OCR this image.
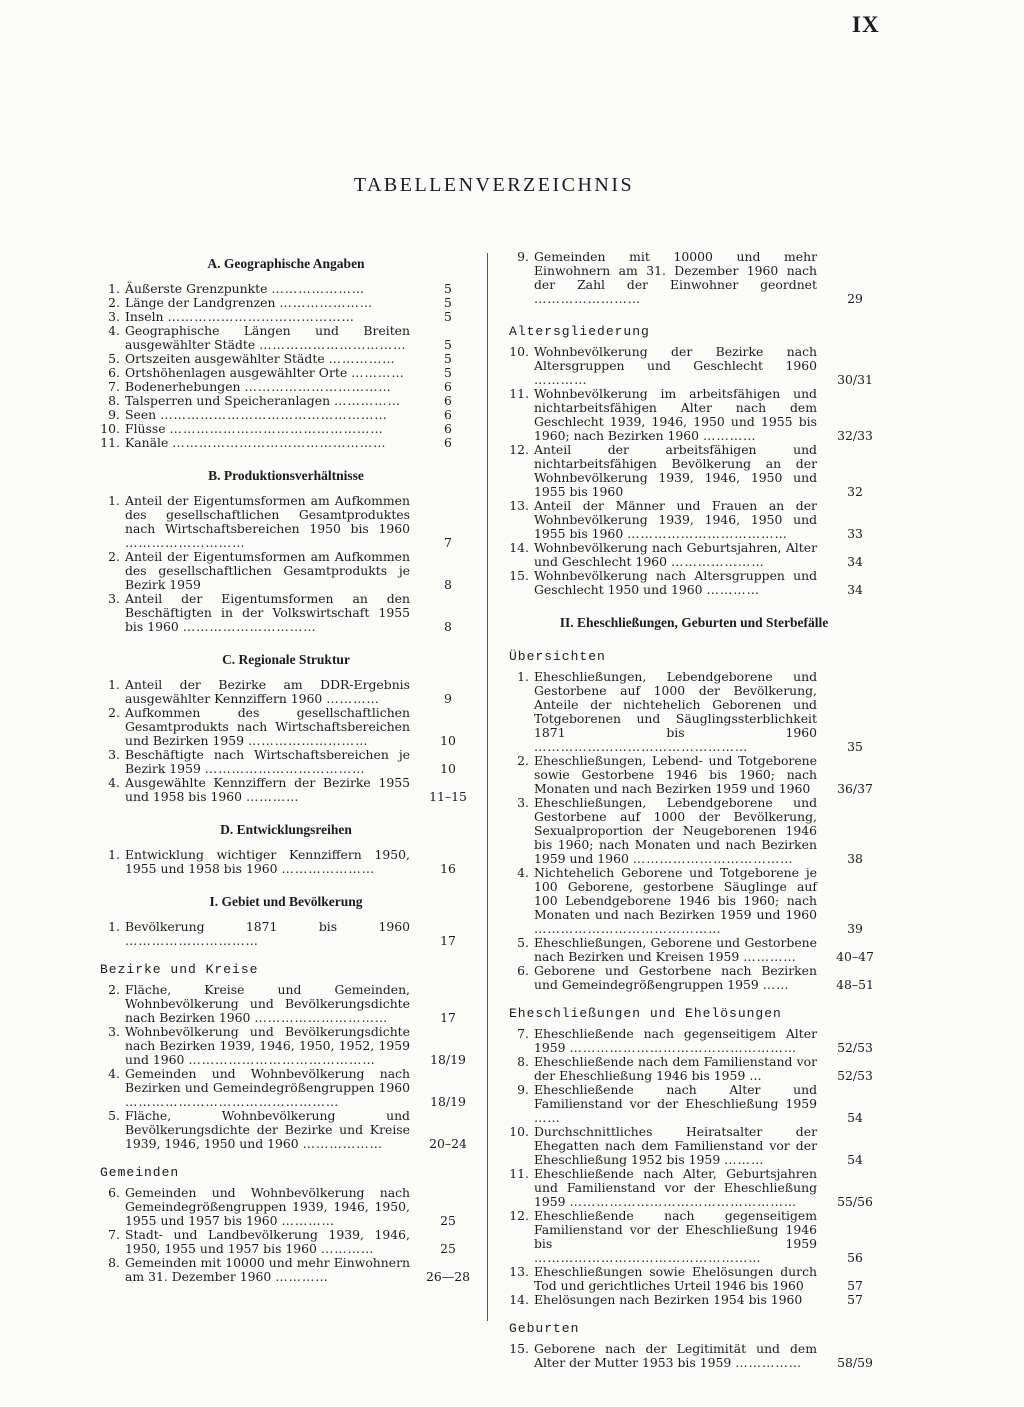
IX
TABELLENVERZEICHNIS
A. Geographische Angaben
1. Äußerste Grenzpunkte …………………	5
2. Länge der Landgrenzen …………………	5
3. Inseln ……………………………………	5
4. Geographische Längen und Breiten ausgewählter Städte ……………………………	5
5. Ortszeiten ausgewählter Städte ……………	5
6. Ortshöhenlagen ausgewählter Orte …………	5
7. Bodenerhebungen ……………………………	6
8. Talsperren und Speicheranlagen ……………	6
9. Seen ……………………………………………	6
10. Flüsse …………………………………………	6
11. Kanäle …………………………………………	6
B. Produktionsverhältnisse
1. Anteil der Eigentumsformen am Aufkommen des gesellschaftlichen Gesamtproduktes nach Wirtschaftsbereichen 1950 bis 1960 ………………………	7
2. Anteil der Eigentumsformen am Aufkommen des gesellschaftlichen Gesamtprodukts je Bezirk 1959	8
3. Anteil der Eigentumsformen an den Beschäftigten in der Volkswirtschaft 1955 bis 1960 …………………………	8
C. Regionale Struktur
1. Anteil der Bezirke am DDR-Ergebnis ausgewählter Kennziffern 1960 …………	9
2. Aufkommen des gesellschaftlichen Gesamtprodukts nach Wirtschaftsbereichen und Bezirken 1959 ………………………	10
3. Beschäftigte nach Wirtschaftsbereichen je Bezirk 1959 ………………………………	10
4. Ausgewählte Kennziffern der Bezirke 1955 und 1958 bis 1960 …………	11–15
D. Entwicklungsreihen
1. Entwicklung wichtiger Kennziffern 1950, 1955 und 1958 bis 1960 …………………	16
I. Gebiet und Bevölkerung
1. Bevölkerung 1871 bis 1960 …………………………	17
Bezirke und Kreise
2. Fläche, Kreise und Gemeinden, Wohnbevölkerung und Bevölkerungsdichte nach Bezirken 1960 …………………………	17
3. Wohnbevölkerung und Bevölkerungsdichte nach Bezirken 1939, 1946, 1950, 1952, 1959 und 1960 ……………………………………	18/19
4. Gemeinden und Wohnbevölkerung nach Bezirken und Gemeindegrößengruppen 1960 …………………………………………	18/19
5. Fläche, Wohnbevölkerung und Bevölkerungsdichte der Bezirke und Kreise 1939, 1946, 1950 und 1960 ………………	20–24
Gemeinden
6. Gemeinden und Wohnbevölkerung nach Gemeindegrößengruppen 1939, 1946, 1950, 1955 und 1957 bis 1960 …………	25
7. Stadt- und Landbevölkerung 1939, 1946, 1950, 1955 und 1957 bis 1960 …………	25
8. Gemeinden mit 10000 und mehr Einwohnern am 31. Dezember 1960 …………	26—28
9. Gemeinden mit 10000 und mehr Einwohnern am 31. Dezember 1960 nach der Zahl der Einwohner geordnet ……………………	29
Altersgliederung
10. Wohnbevölkerung der Bezirke nach Altersgruppen und Geschlecht 1960 …………	30/31
11. Wohnbevölkerung im arbeitsfähigen und nichtarbeitsfähigen Alter nach dem Geschlecht 1939, 1946, 1950 und 1955 bis 1960; nach Bezirken 1960 …………	32/33
12. Anteil der arbeitsfähigen und nichtarbeitsfähigen Bevölkerung an der Wohnbevölkerung 1939, 1946, 1950 und 1955 bis 1960	32
13. Anteil der Männer und Frauen an der Wohnbevölkerung 1939, 1946, 1950 und 1955 bis 1960 ………………………………	33
14. Wohnbevölkerung nach Geburtsjahren, Alter und Geschlecht 1960 …………………	34
15. Wohnbevölkerung nach Altersgruppen und Geschlecht 1950 und 1960 …………	34
II. Eheschließungen, Geburten und Sterbefälle
Übersichten
1. Eheschließungen, Lebendgeborene und Gestorbene auf 1000 der Bevölkerung, Anteile der nichtehelich Geborenen und Totgeborenen und Säuglingssterblichkeit 1871 bis 1960 …………………………………………	35
2. Eheschließungen, Lebend- und Totgeborene sowie Gestorbene 1946 bis 1960; nach Monaten und nach Bezirken 1959 und 1960	36/37
3. Eheschließungen, Lebendgeborene und Gestorbene auf 1000 der Bevölkerung, Sexualproportion der Neugeborenen 1946 bis 1960; nach Monaten und nach Bezirken 1959 und 1960 ………………………………	38
4. Nichtehelich Geborene und Totgeborene je 100 Geborene, gestorbene Säuglinge auf 100 Lebendgeborene 1946 bis 1960; nach Monaten und nach Bezirken 1959 und 1960 ……………………………………	39
5. Eheschließungen, Geborene und Gestorbene nach Bezirken und Kreisen 1959 …………	40–47
6. Geborene und Gestorbene nach Bezirken und Gemeindegrößengruppen 1959 ……	48–51
Eheschließungen und Ehelösungen
7. Eheschließende nach gegenseitigem Alter 1959 ……………………………………………	52/53
8. Eheschließende nach dem Familienstand vor der Eheschließung 1946 bis 1959 …	52/53
9. Eheschließende nach Alter und Familienstand vor der Eheschließung 1959 ……	54
10. Durchschnittliches Heiratsalter der Ehegatten nach dem Familienstand vor der Eheschließung 1952 bis 1959 ………	54
11. Eheschließende nach Alter, Geburtsjahren und Familienstand vor der Eheschließung 1959 ……………………………………………	55/56
12. Eheschließende nach gegenseitigem Familienstand vor der Eheschließung 1946 bis 1959 ……………………………………………	56
13. Eheschließungen sowie Ehelösungen durch Tod und gerichtliches Urteil 1946 bis 1960	57
14. Ehelösungen nach Bezirken 1954 bis 1960	57
Geburten
15. Geborene nach der Legitimität und dem Alter der Mutter 1953 bis 1959 ……………	58/59
